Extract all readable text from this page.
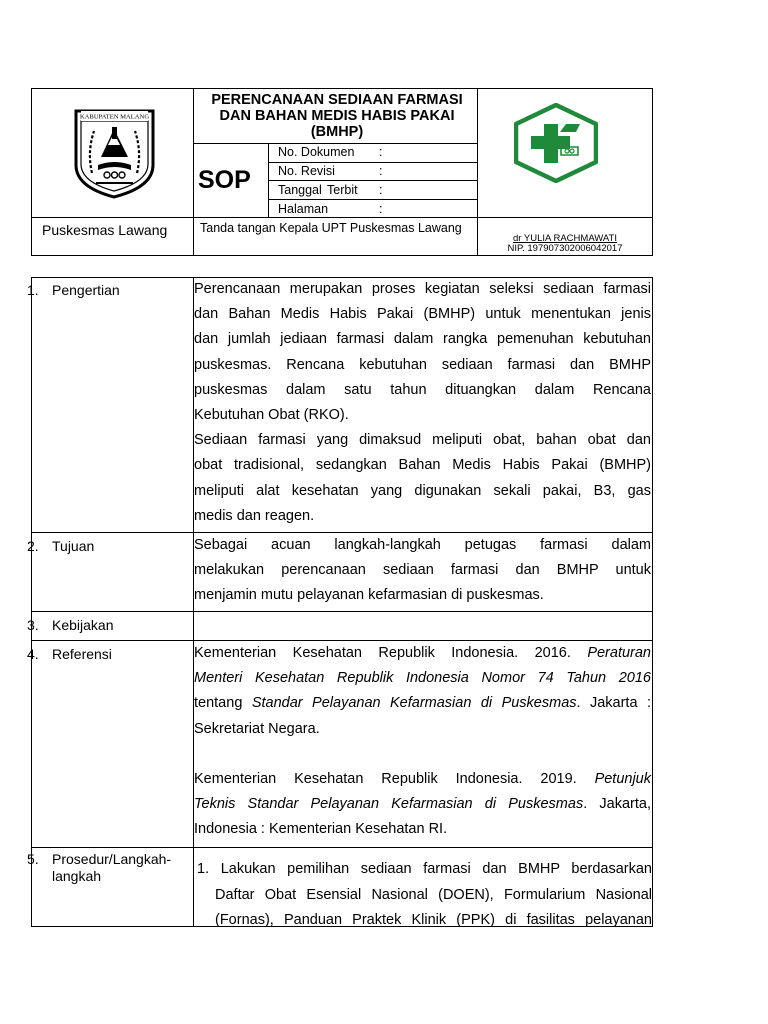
KABUPATEN MALANG
PERENCANAAN SEDIAAN FARMASI DAN BAHAN MEDIS HABIS PAKAI (BMHP)
SOP
No. Dokumen :
No. Revisi	:
Tanggal Terbit :
Halaman	:
Puskesmas Lawang	Tanda tangan Kepala UPT Puskesmas Lawang
dr YULIA RACHMAWATI
NIP. 197907302006042017
1. Pengertian	Perencanaan merupakan proses kegiatan seleksi sediaan farmasi
dan Bahan Medis Habis Pakai (BMHP) untuk menentukan jenis
dan jumlah jediaan farmasi dalam rangka pemenuhan kebutuhan
puskesmas. Rencana kebutuhan sediaan farmasi dan BMHP
puskesmas dalam satu tahun dituangkan dalam Rencana
Kebutuhan Obat (RKO).
Sediaan farmasi yang dimaksud meliputi obat, bahan obat dan
obat tradisional, sedangkan Bahan Medis Habis Pakai (BMHP)
meliputi alat kesehatan yang digunakan sekali pakai, B3, gas
medis dan reagen.
2. Tujuan	Sebagai acuan langkah-langkah petugas farmasi dalam
melakukan perencanaan sediaan farmasi dan BMHP untuk
menjamin mutu pelayanan kefarmasian di puskesmas.
3. Kebijakan
4. Referensi	Kementerian Kesehatan Republik Indonesia. 2016. Peraturan
Menteri Kesehatan Republik Indonesia Nomor 74 Tahun 2016
tentang Standar Pelayanan Kefarmasian di Puskesmas. Jakarta :
Sekretariat Negara.

Kementerian Kesehatan Republik Indonesia. 2019. Petunjuk
Teknis Standar Pelayanan Kefarmasian di Puskesmas. Jakarta,
Indonesia : Kementerian Kesehatan RI.
5. Prosedur/Langkah-
langkah	1. Lakukan pemilihan sediaan farmasi dan BMHP berdasarkan
Daftar Obat Esensial Nasional (DOEN), Formularium Nasional
(Fornas), Panduan Praktek Klinik (PPK) di fasilitas pelayanan
